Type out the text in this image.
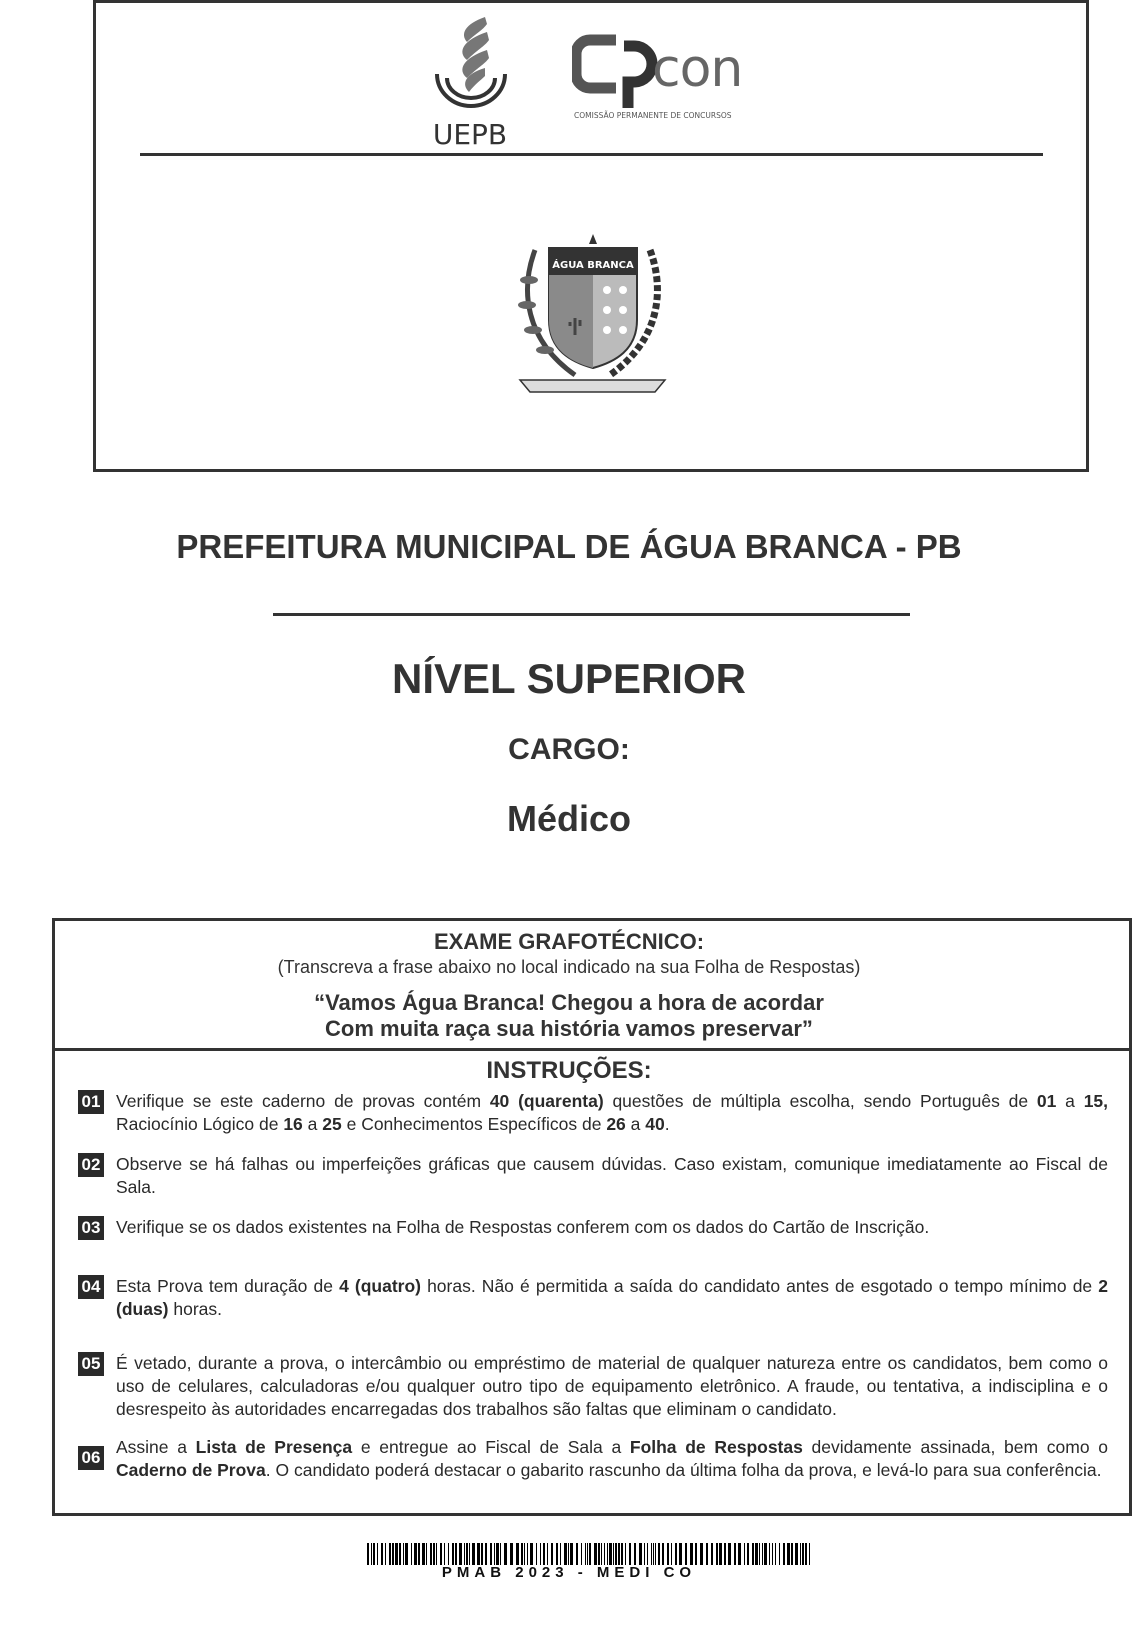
UEPB
con
COMISSÃO PERMANENTE DE CONCURSOS
ÁGUA BRANCA
PREFEITURA MUNICIPAL DE ÁGUA BRANCA - PB
NÍVEL SUPERIOR
CARGO:
Médico
EXAME GRAFOTÉCNICO:
(Transcreva a frase abaixo no local indicado na sua Folha de Respostas)
“Vamos Água Branca! Chegou a hora de acordar
Com muita raça sua história vamos preservar”
INSTRUÇÕES:
01 Verifique se este caderno de provas contém 40 (quarenta) questões de múltipla escolha, sendo Português de 01 a 15, Raciocínio Lógico de 16 a 25 e Conhecimentos Específicos de 26 a 40.
02 Observe se há falhas ou imperfeições gráficas que causem dúvidas. Caso existam, comunique imediatamente ao Fiscal de Sala.
03 Verifique se os dados existentes na Folha de Respostas conferem com os dados do Cartão de Inscrição.
04 Esta Prova tem duração de 4 (quatro) horas. Não é permitida a saída do candidato antes de esgotado o tempo mínimo de 2 (duas) horas.
05 É vetado, durante a prova, o intercâmbio ou empréstimo de material de qualquer natureza entre os candidatos, bem como o uso de celulares, calculadoras e/ou qualquer outro tipo de equipamento eletrônico. A fraude, ou tentativa, a indisciplina e o desrespeito às autoridades encarregadas dos trabalhos são faltas que eliminam o candidato.
06
Assine a Lista de Presença e entregue ao Fiscal de Sala a Folha de Respostas devidamente assinada, bem como o Caderno de Prova. O candidato poderá destacar o gabarito rascunho da última folha da prova, e levá-lo para sua conferência.
PMAB 2023 - MEDI CO
